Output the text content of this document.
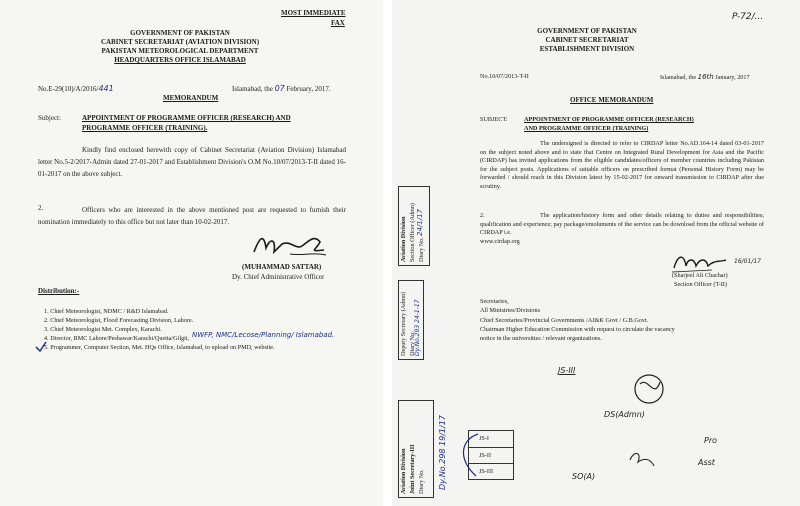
MOST IMMEDIATE
FAX
GOVERNMENT OF PAKISTAN
CABINET SECRETARIAT (AVIATION DIVISION)
PAKISTAN METEOROLOGICAL DEPARTMENT
HEADQUARTERS OFFICE ISLAMABAD
No.E-29(10)/A/2016/441	Islamabad, the 07 February, 2017.
MEMORANDUM
Subject:	APPOINTMENT OF PROGRAMME OFFICER (RESEARCH) AND
PROGRAMME OFFICER (TRAINING).
Kindly find enclosed herewith copy of Cabinet Secretariat (Aviation Division) Islamabad letter No.5-2/2017-Admin dated 27-01-2017 and Establishment Division's O.M No.10/07/2013-T-II dated 16-01-2017 on the above subject.
2.	Officers who are interested in the above mentioned post are requested to furnish their nomination immediately to this office but not later than 10-02-2017.
(MUHAMMAD SATTAR)
Dy. Chief Administrative Officer
Distribution:-
1. Chief Meteorologist, NDMC / R&D Islamabad.
2. Chief Meteorologist, Flood Forecasting Division, Lahore.
3. Chief Meteorologist Met. Complex, Karachi.
4. Director, RMC Lahore/Peshawar/Karachi/Quetta/Gilgit, NWFP, NMC/Lecose/Planning/ Islamabad.
5. Programmer, Computer Section, Met. HQs Office, Islamabad, to upload on PMD, website.
P-72/...
GOVERNMENT OF PAKISTAN
CABINET SECRETARIAT
ESTABLISHMENT DIVISION
No.10/07/2013-T-II	Islamabad, the 16th January, 2017
OFFICE MEMORANDUM
SUBJECT:	APPOINTMENT OF PROGRAMME OFFICER (RESEARCH)
AND PROGRAMME OFFICER (TRAINING)
The undersigned is directed to refer to CIRDAP letter No.AD.164-14 dated 03-01-2017 on the subject noted above and to state that Centre on Integrated Rural Development for Asia and the Pacific (CIRDAP) has invited applications from the eligible candidates/officers of member countries including Pakistan for the subject posts. Applications of suitable officers on prescribed format (Personal History Form) may be forwarded / should reach in this Division latest by 15-02-2017 for onward transmission to CIRDAP after due scrutiny.
2.	The application/history form and other details relating to duties and responsibilities; qualification and experience; pay package/emoluments of the service can be download from the official website of CIRDAP i.e.
www.cirdap.org
16/01/17
(Sharjeel Ali Chachar)
Section Officer (T-II)
Secretaries,
All Ministries/Divisions
Chief Secretaries/Provincial Governments /AJ&K Govt / G.B.Govt.
Chairman Higher Education Commission with request to circulate the vacancy
notice in the universities / relevant organizations.
Aviation Division Section Officer (Admn) Diary No.
24/1/17
Deputy Secretary (Admn) Diary No.
Dy.No.293 24-1-17
Aviation Division Joint Secretary-III Diary No. Dy.No.298 19/1/17	JS-I
JS-II
JS-III
JS-III
DS(Admn)
SO(A)
Pro
Asst
